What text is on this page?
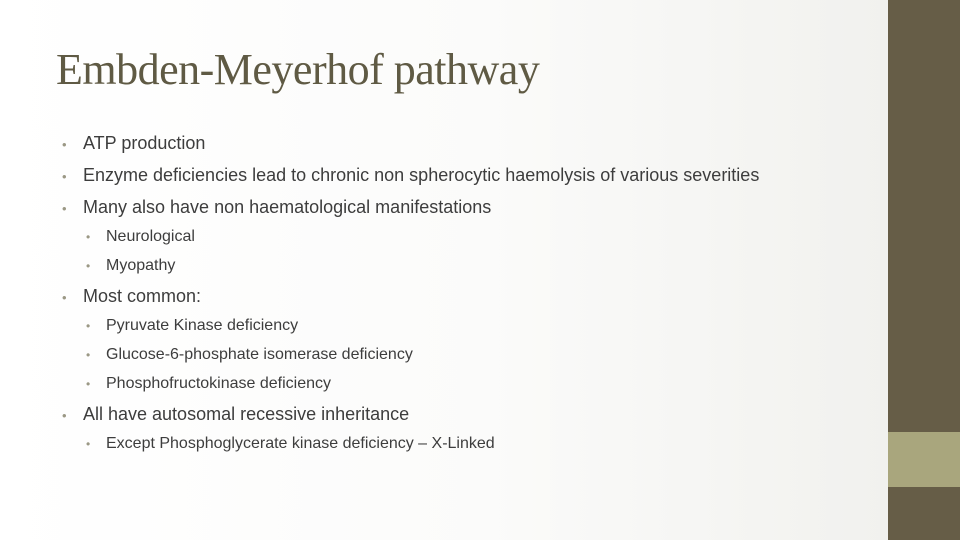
Embden-Meyerhof pathway
• ATP production
• Enzyme deficiencies lead to chronic non spherocytic haemolysis of various severities
• Many also have non haematological manifestations
• Neurological
• Myopathy
• Most common:
• Pyruvate Kinase deficiency
• Glucose-6-phosphate isomerase deficiency
• Phosphofructokinase deficiency
• All have autosomal recessive inheritance
• Except Phosphoglycerate kinase deficiency – X-Linked
